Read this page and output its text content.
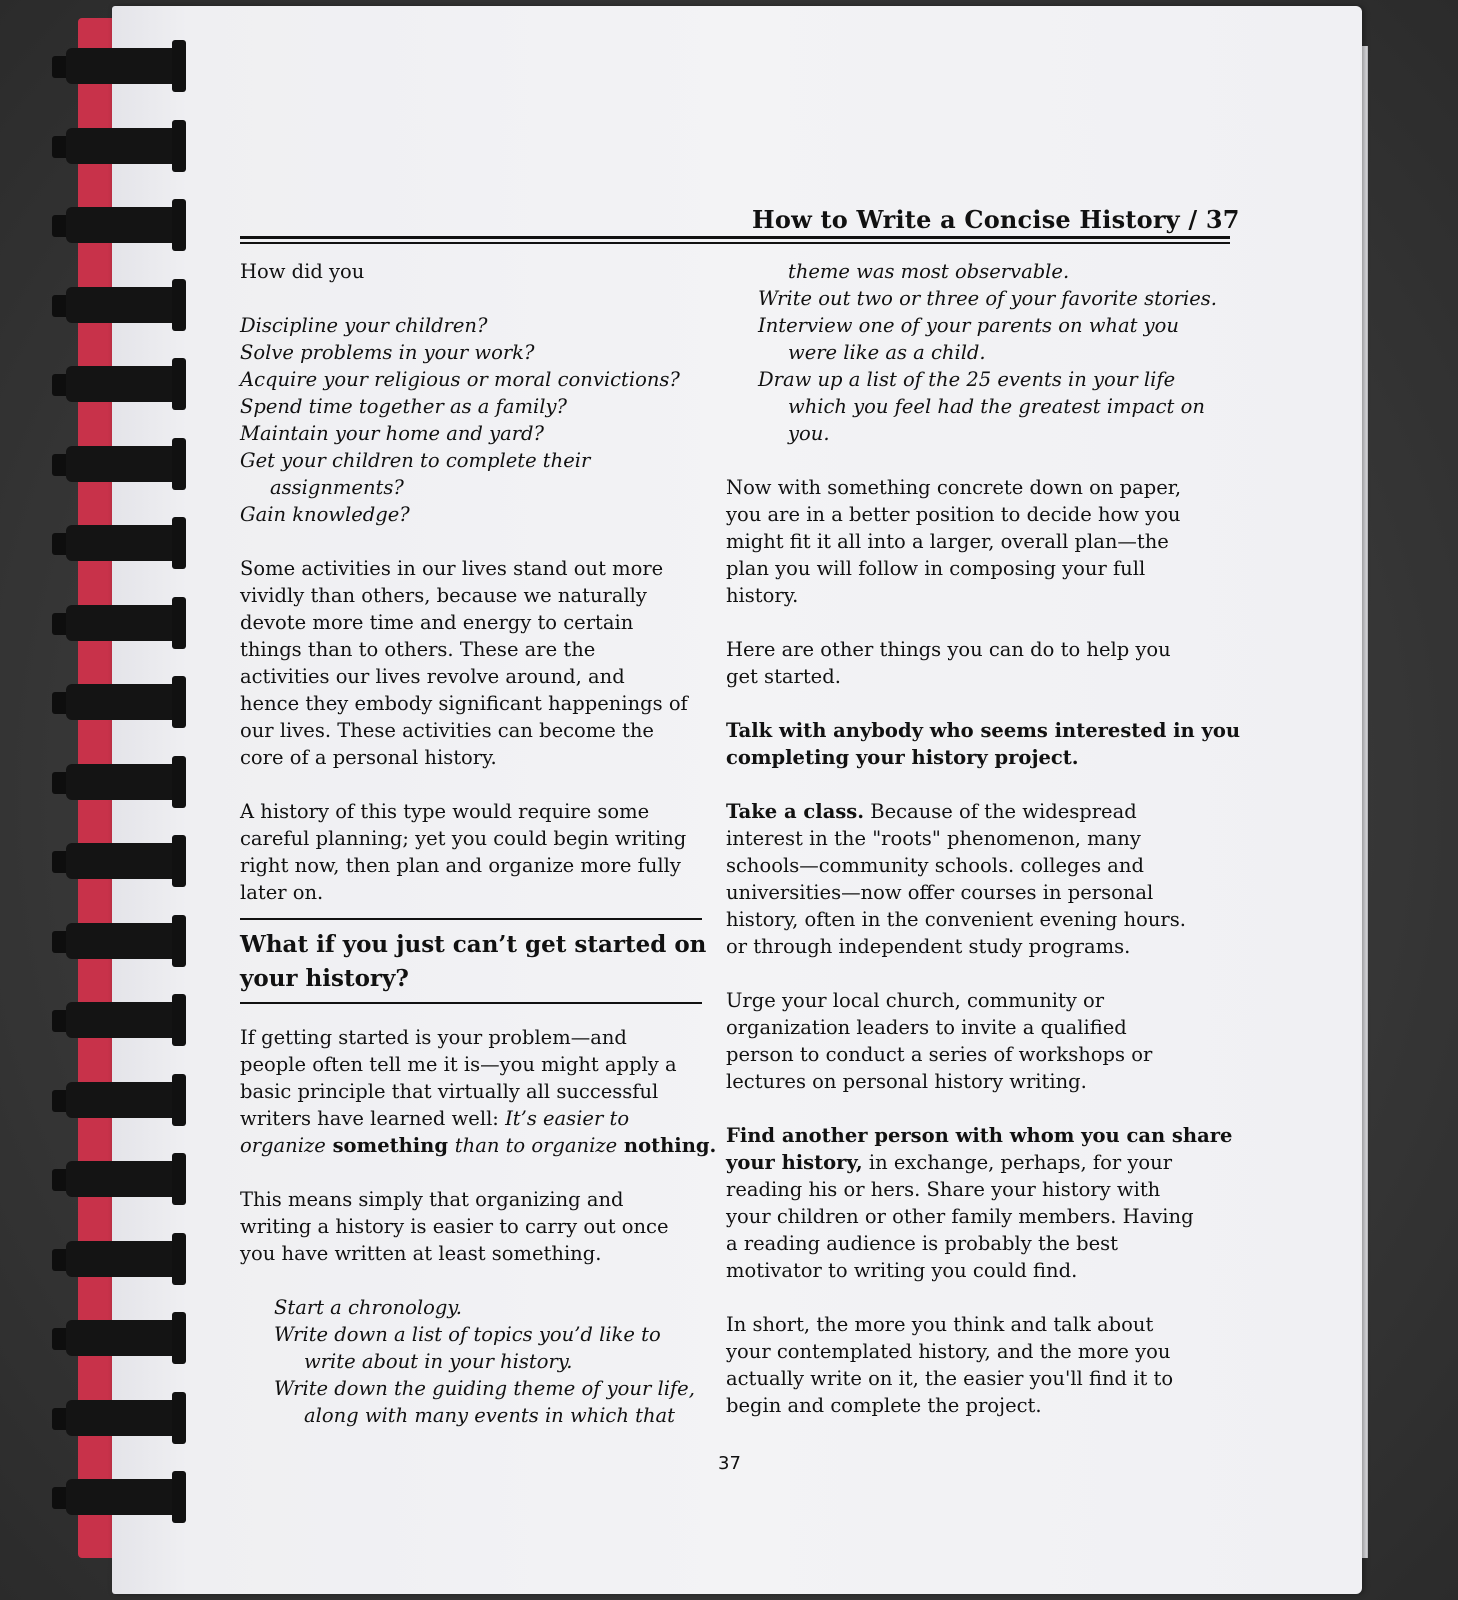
How to Write a Concise History / 37
How did you
Discipline your children?
Solve problems in your work?
Acquire your religious or moral convictions?
Spend time together as a family?
Maintain your home and yard?
Get your children to complete their
assignments?
Gain knowledge?
Some activities in our lives stand out more
vividly than others, because we naturally
devote more time and energy to certain
things than to others. These are the
activities our lives revolve around, and
hence they embody significant happenings of
our lives. These activities can become the
core of a personal history.
A history of this type would require some
careful planning; yet you could begin writing
right now, then plan and organize more fully
later on.
What if you just can’t get started on
your history?
If getting started is your problem—and
people often tell me it is—you might apply a
basic principle that virtually all successful
writers have learned well: It’s easier to
organize something than to organize nothing.
This means simply that organizing and
writing a history is easier to carry out once
you have written at least something.
Start a chronology.
Write down a list of topics you’d like to
write about in your history.
Write down the guiding theme of your life,
along with many events in which that
theme was most observable.
Write out two or three of your favorite stories.
Interview one of your parents on what you
were like as a child.
Draw up a list of the 25 events in your life
which you feel had the greatest impact on
you.
Now with something concrete down on paper,
you are in a better position to decide how you
might fit it all into a larger, overall plan—the
plan you will follow in composing your full
history.
Here are other things you can do to help you
get started.
Talk with anybody who seems interested in you
completing your history project.
Take a class. Because of the widespread
interest in the "roots" phenomenon, many
schools—community schools. colleges and
universities—now offer courses in personal
history, often in the convenient evening hours.
or through independent study programs.
Urge your local church, community or
organization leaders to invite a qualified
person to conduct a series of workshops or
lectures on personal history writing.
Find another person with whom you can share
your history, in exchange, perhaps, for your
reading his or hers. Share your history with
your children or other family members. Having
a reading audience is probably the best
motivator to writing you could find.
In short, the more you think and talk about
your contemplated history, and the more you
actually write on it, the easier you'll find it to
begin and complete the project.
37
